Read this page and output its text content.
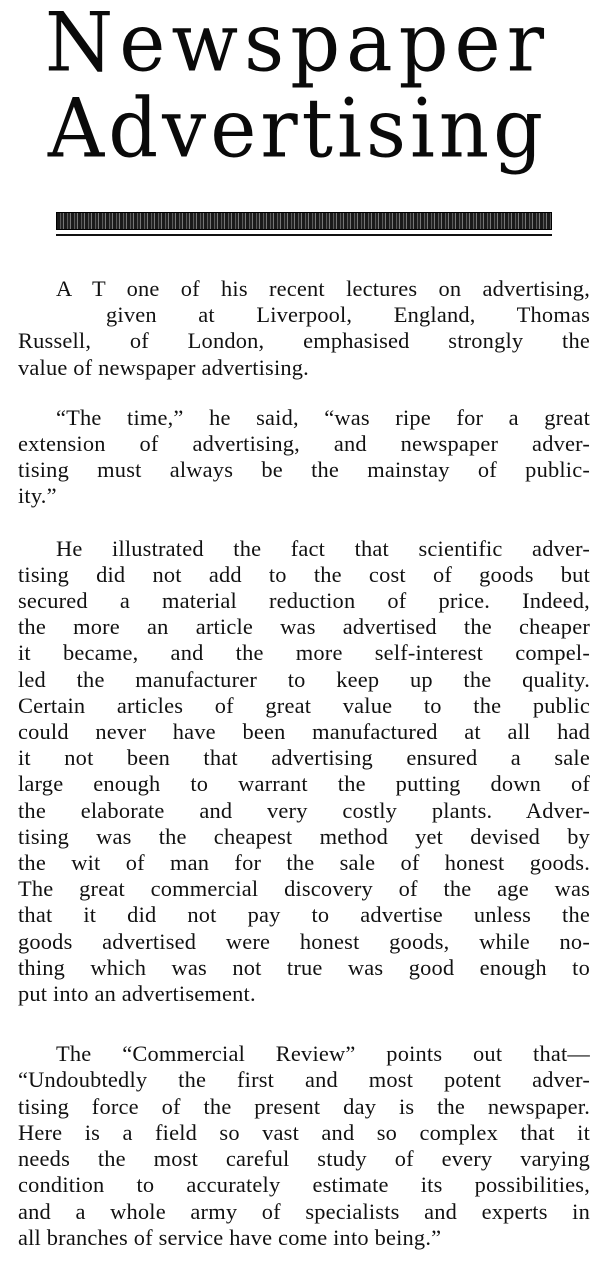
Newspaper
Advertising

A T one of his recent lectures on advertising,
given at Liverpool, England, Thomas
Russell, of London, emphasised strongly the
value of newspaper advertising.

“The time,” he said, “was ripe for a great
extension of advertising, and newspaper adver-
tising must always be the mainstay of public-
ity.”

He illustrated the fact that scientific adver-
tising did not add to the cost of goods but
secured a material reduction of price. Indeed,
the more an article was advertised the cheaper
it became, and the more self-interest compel-
led the manufacturer to keep up the quality.
Certain articles of great value to the public
could never have been manufactured at all had
it not been that advertising ensured a sale
large enough to warrant the putting down of
the elaborate and very costly plants. Adver-
tising was the cheapest method yet devised by
the wit of man for the sale of honest goods.
The great commercial discovery of the age was
that it did not pay to advertise unless the
goods advertised were honest goods, while no-
thing which was not true was good enough to
put into an advertisement.

The “Commercial Review” points out that—
“Undoubtedly the first and most potent adver-
tising force of the present day is the newspaper.
Here is a field so vast and so complex that it
needs the most careful study of every varying
condition to accurately estimate its possibilities,
and a whole army of specialists and experts in
all branches of service have come into being.”
